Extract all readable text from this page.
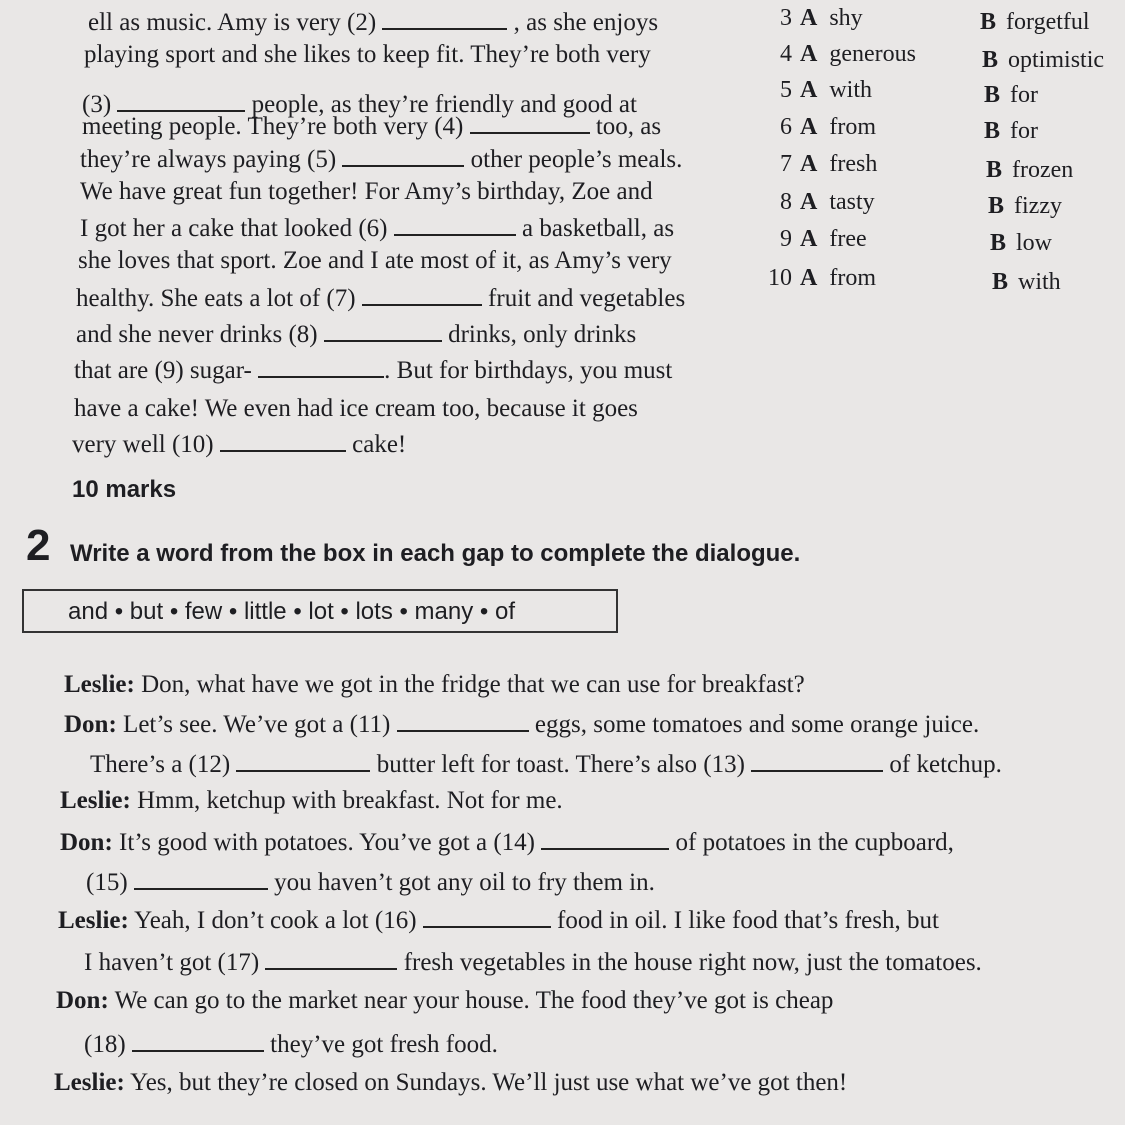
ell as music. Amy is very (2)	, as she enjoys
playing sport and she likes to keep fit. They’re both very
(3)	people, as they’re friendly and good at
meeting people. They’re both very (4)	too, as
they’re always paying (5)	other people’s meals.
We have great fun together! For Amy’s birthday, Zoe and
I got her a cake that looked (6)	a basketball, as
she loves that sport. Zoe and I ate most of it, as Amy’s very
healthy. She eats a lot of (7)	fruit and vegetables
and she never drinks (8)	drinks, only drinks
that are (9) sugar-	. But for birthdays, you must
have a cake! We even had ice cream too, because it goes
very well (10)	cake!
3 A shy	B forgetful
4 A generous	B optimistic
5 A with	B for
6 A from	B for
7 A fresh	B frozen
8 A tasty	B fizzy
9 A free	B low
10 A from	B with
10 marks
2 Write a word from the box in each gap to complete the dialogue.
and • but • few • little • lot • lots • many • of
Leslie: Don, what have we got in the fridge that we can use for breakfast?
Don: Let’s see. We’ve got a (11)	eggs, some tomatoes and some orange juice.
There’s a (12)	butter left for toast. There’s also (13)	of ketchup.
Leslie: Hmm, ketchup with breakfast. Not for me.
Don: It’s good with potatoes. You’ve got a (14)	of potatoes in the cupboard,
(15)	you haven’t got any oil to fry them in.
Leslie: Yeah, I don’t cook a lot (16)	food in oil. I like food that’s fresh, but
I haven’t got (17)	fresh vegetables in the house right now, just the tomatoes.
Don: We can go to the market near your house. The food they’ve got is cheap
(18)	they’ve got fresh food.
Leslie: Yes, but they’re closed on Sundays. We’ll just use what we’ve got then!
